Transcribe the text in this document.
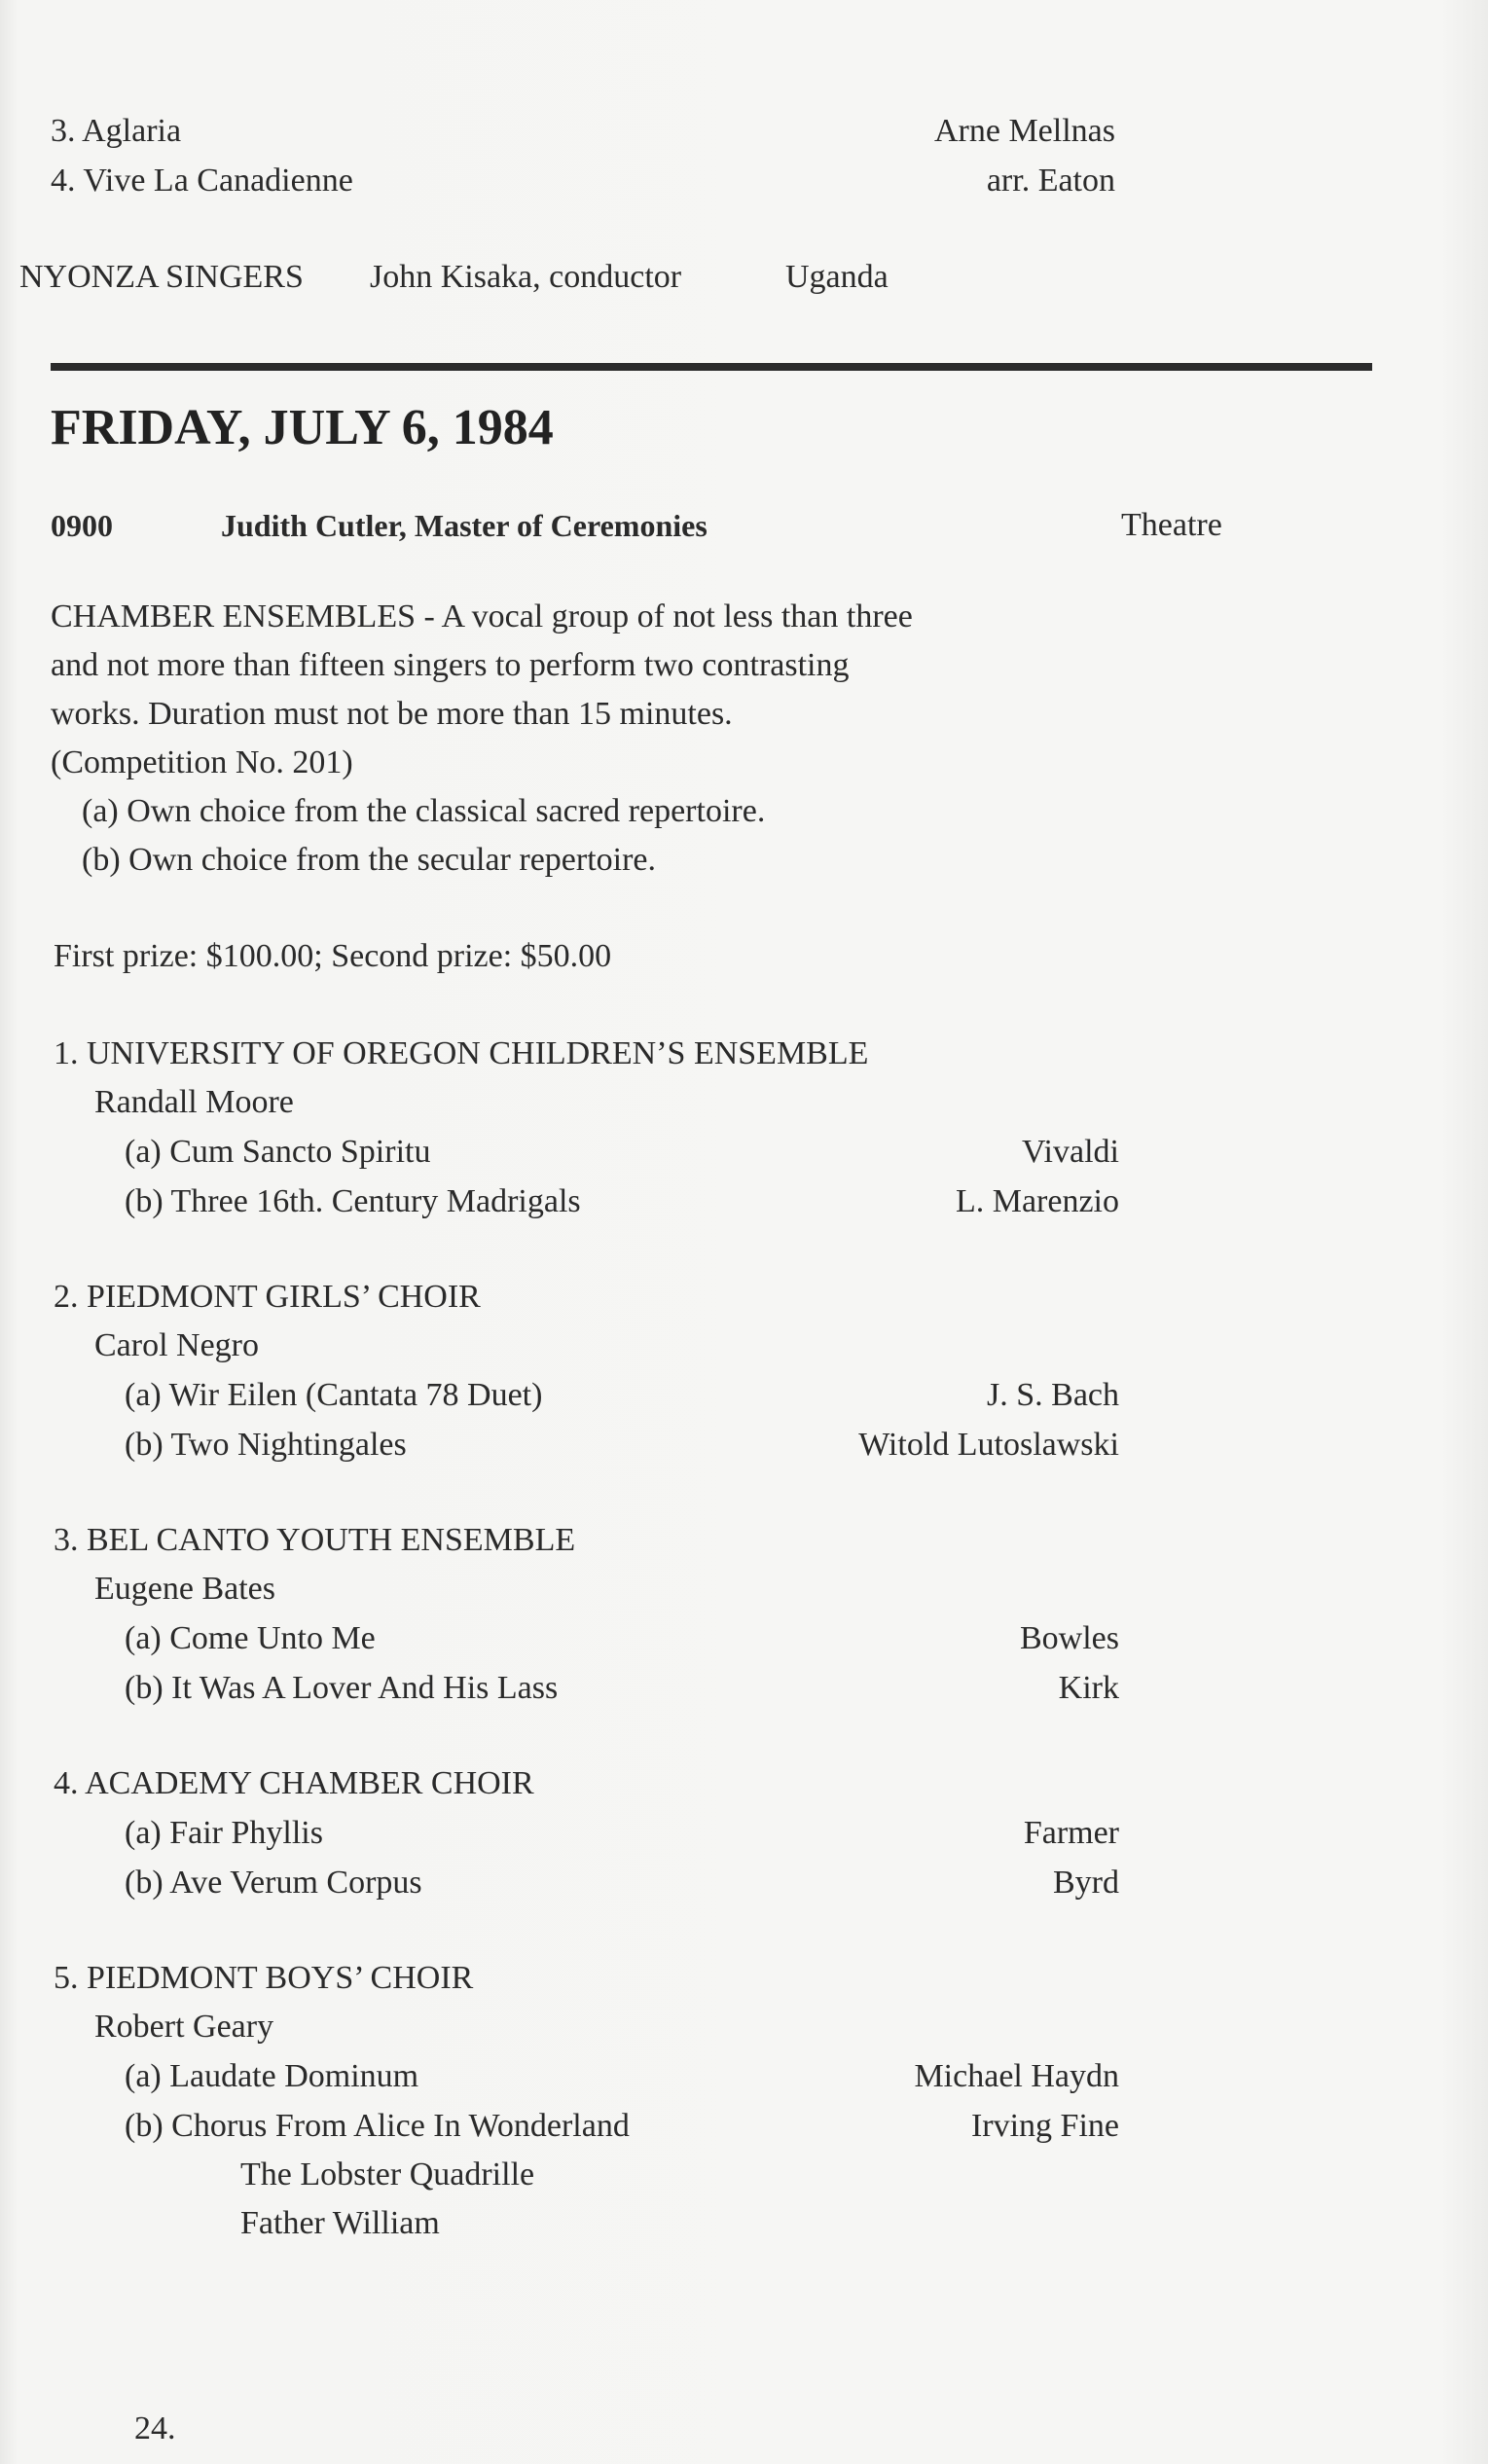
3. Aglaria	Arne Mellnas
4. Vive La Canadienne	arr. Eaton
NYONZA SINGERS John Kisaka, conductor	Uganda
FRIDAY, JULY 6, 1984
0900	Judith Cutler, Master of Ceremonies	Theatre
CHAMBER ENSEMBLES - A vocal group of not less than three
and not more than fifteen singers to perform two contrasting
works. Duration must not be more than 15 minutes.
(Competition No. 201)
(a) Own choice from the classical sacred repertoire.
(b) Own choice from the secular repertoire.
First prize: $100.00; Second prize: $50.00
1. UNIVERSITY OF OREGON CHILDREN’S ENSEMBLE
Randall Moore
(a) Cum Sancto Spiritu	Vivaldi
(b) Three 16th. Century Madrigals	L. Marenzio
2. PIEDMONT GIRLS’ CHOIR
Carol Negro
(a) Wir Eilen (Cantata 78 Duet)	J. S. Bach
(b) Two Nightingales	Witold Lutoslawski
3. BEL CANTO YOUTH ENSEMBLE
Eugene Bates
(a) Come Unto Me	Bowles
(b) It Was A Lover And His Lass	Kirk
4. ACADEMY CHAMBER CHOIR
(a) Fair Phyllis	Farmer
(b) Ave Verum Corpus	Byrd
5. PIEDMONT BOYS’ CHOIR
Robert Geary
(a) Laudate Dominum	Michael Haydn
(b) Chorus From Alice In Wonderland	Irving Fine
The Lobster Quadrille
Father William
24.
